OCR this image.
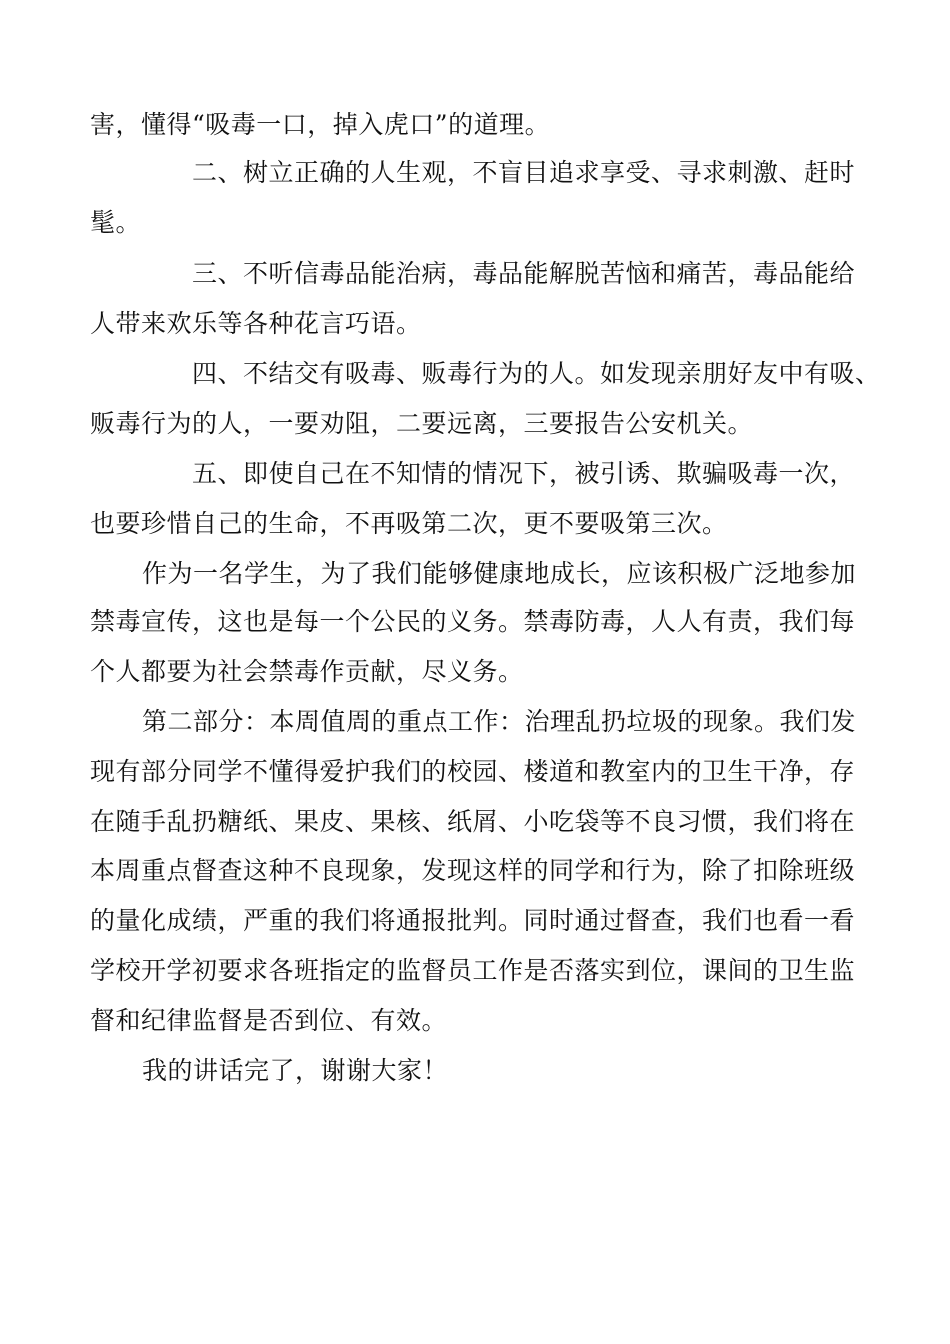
害，懂得“吸毒一口，掉入虎口”的道理。
二、树立正确的人生观，不盲目追求享受、寻求刺激、赶时
髦。
三、不听信毒品能治病，毒品能解脱苦恼和痛苦，毒品能给
人带来欢乐等各种花言巧语。
四、不结交有吸毒、贩毒行为的人。如发现亲朋好友中有吸、
贩毒行为的人，一要劝阻，二要远离，三要报告公安机关。
五、即使自己在不知情的情况下，被引诱、欺骗吸毒一次，
也要珍惜自己的生命，不再吸第二次，更不要吸第三次。
作为一名学生，为了我们能够健康地成长，应该积极广泛地参加
禁毒宣传，这也是每一个公民的义务。禁毒防毒，人人有责，我们每
个人都要为社会禁毒作贡献，尽义务。
第二部分：本周值周的重点工作：治理乱扔垃圾的现象。我们发
现有部分同学不懂得爱护我们的校园、楼道和教室内的卫生干净，存
在随手乱扔糖纸、果皮、果核、纸屑、小吃袋等不良习惯，我们将在
本周重点督查这种不良现象，发现这样的同学和行为，除了扣除班级
的量化成绩，严重的我们将通报批判。同时通过督查，我们也看一看
学校开学初要求各班指定的监督员工作是否落实到位，课间的卫生监
督和纪律监督是否到位、有效。
我的讲话完了，谢谢大家！
